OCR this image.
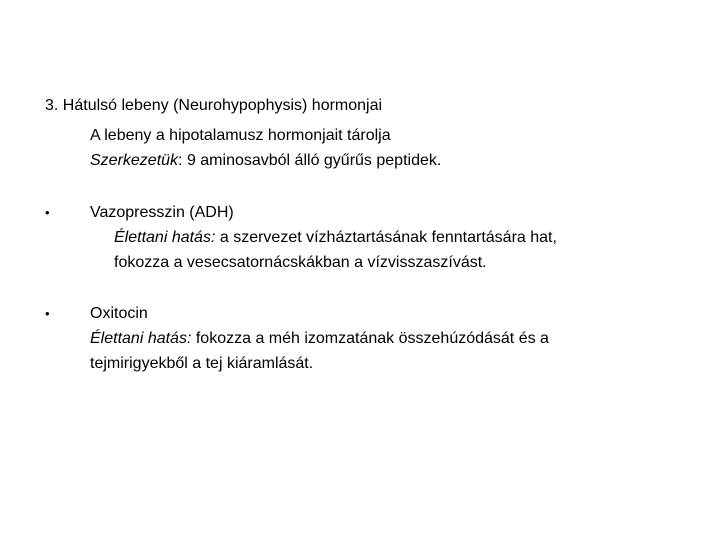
3. Hátulsó lebeny (Neurohypophysis) hormonjai
A lebeny a hipotalamusz hormonjait tárolja
Szerkezetük: 9 aminosavból álló gyűrűs peptidek.
•	Vazopresszin (ADH)
Élettani hatás: a szervezet vízháztartásának fenntartására hat,
fokozza a vesecsatornácskákban a vízvisszaszívást.
•	Oxitocin
Élettani hatás: fokozza a méh izomzatának összehúzódását és a
tejmirigyekből a tej kiáramlását.
